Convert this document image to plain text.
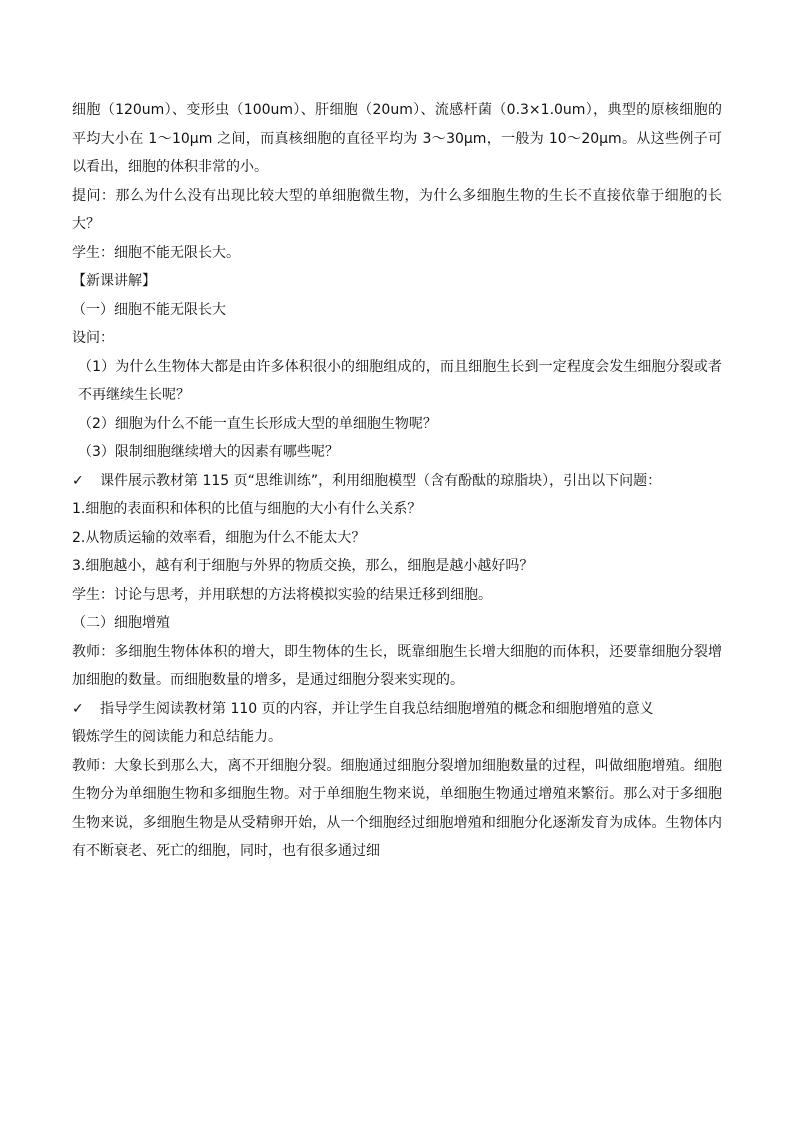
细胞（120um）、变形虫（100um）、肝细胞（20um）、流感杆菌（0.3×1.0um），典型的原核细胞的平均大小在 1～10μm 之间，而真核细胞的直径平均为 3～30μm，一般为 10～20μm。从这些例子可以看出，细胞的体积非常的小。

提问：那么为什么没有出现比较大型的单细胞微生物，为什么多细胞生物的生长不直接依靠于细胞的长大？

学生：细胞不能无限长大。

【新课讲解】

（一）细胞不能无限长大

设问：

（1）为什么生物体大都是由许多体积很小的细胞组成的，而且细胞生长到一定程度会发生细胞分裂或者不再继续生长呢？

（2）细胞为什么不能一直生长形成大型的单细胞生物呢？

（3）限制细胞继续增大的因素有哪些呢？

✓	课件展示教材第 115 页“思维训练”，利用细胞模型（含有酚酞的琼脂块），引出以下问题：

1.细胞的表面积和体积的比值与细胞的大小有什么关系？

2.从物质运输的效率看，细胞为什么不能太大？

3.细胞越小，越有利于细胞与外界的物质交换，那么，细胞是越小越好吗？

学生：讨论与思考，并用联想的方法将模拟实验的结果迁移到细胞。

（二）细胞增殖

教师：多细胞生物体体积的增大，即生物体的生长，既靠细胞生长增大细胞的而体积，还要靠细胞分裂增加细胞的数量。而细胞数量的增多，是通过细胞分裂来实现的。

✓	指导学生阅读教材第 110 页的内容，并让学生自我总结细胞增殖的概念和细胞增殖的意义

锻炼学生的阅读能力和总结能力。

教师：大象长到那么大，离不开细胞分裂。细胞通过细胞分裂增加细胞数量的过程，叫做细胞增殖。细胞生物分为单细胞生物和多细胞生物。对于单细胞生物来说，单细胞生物通过增殖来繁衍。那么对于多细胞生物来说，多细胞生物是从受精卵开始，从一个细胞经过细胞增殖和细胞分化逐渐发育为成体。生物体内有不断衰老、死亡的细胞，同时，也有很多通过细
